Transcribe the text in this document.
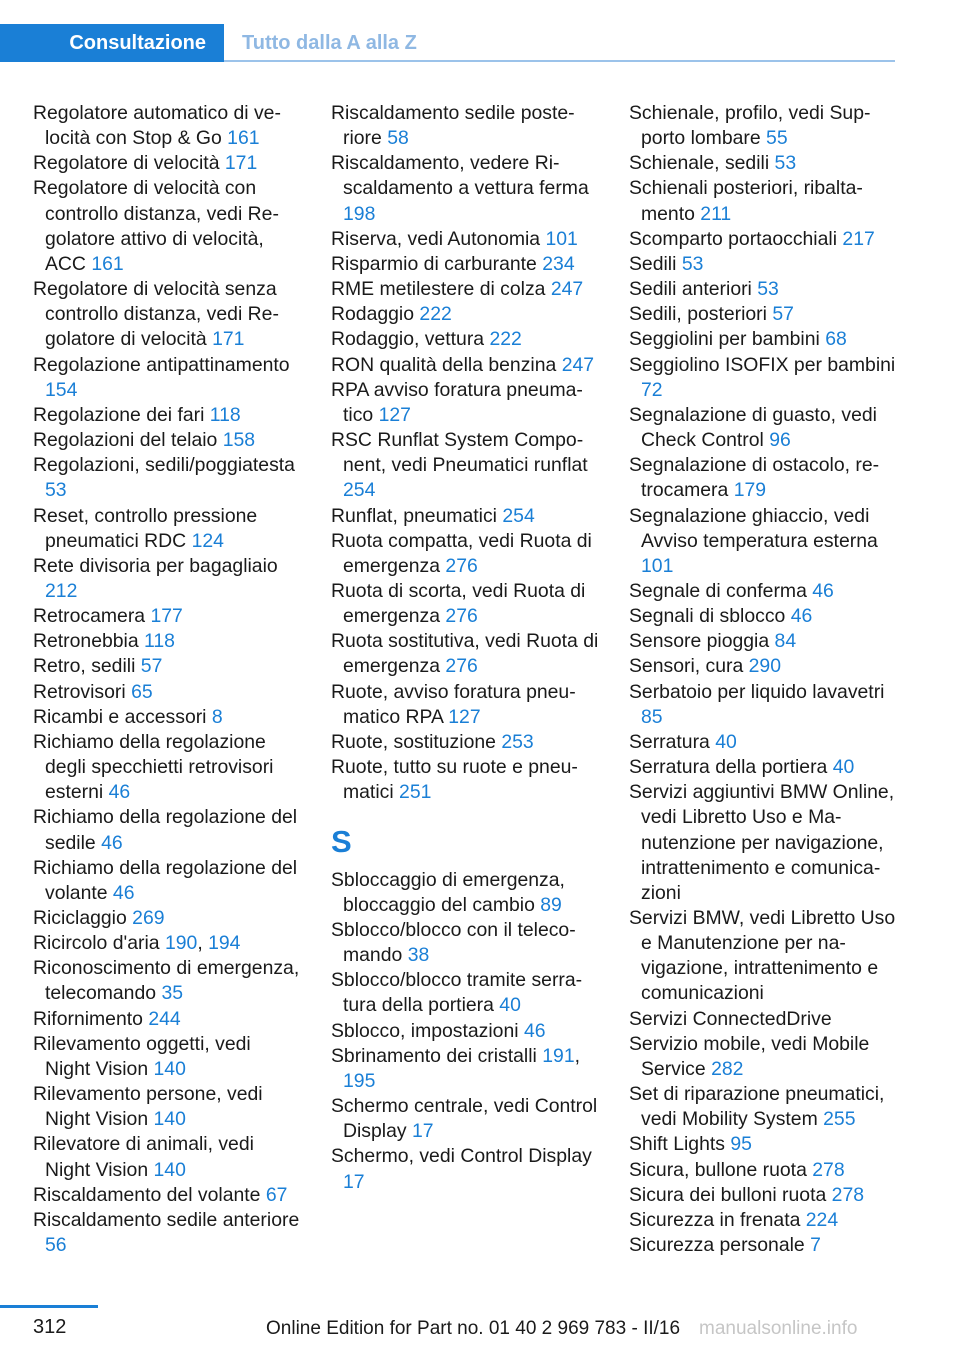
Consultazione	Tutto dalla A alla Z
Regolatore automatico di velocità con Stop & Go 161
Regolatore di velocità 171
Regolatore di velocità con controllo distanza, vedi Regolatore attivo di velocità, ACC 161
Regolatore di velocità senza controllo distanza, vedi Regolatore di velocità 171
Regolazione antipattinamento 154
Regolazione dei fari 118
Regolazioni del telaio 158
Regolazioni, sedili/poggiatesta 53
Reset, controllo pressione pneumatici RDC 124
Rete divisoria per bagagliaio 212
Retrocamera 177
Retronebbia 118
Retro, sedili 57
Retrovisori 65
Ricambi e accessori 8
Richiamo della regolazione degli specchietti retrovisori esterni 46
Richiamo della regolazione del sedile 46
Richiamo della regolazione del volante 46
Riciclaggio 269
Ricircolo d'aria 190, 194
Riconoscimento di emergenza, telecomando 35
Rifornimento 244
Rilevamento oggetti, vedi Night Vision 140
Rilevamento persone, vedi Night Vision 140
Rilevatore di animali, vedi Night Vision 140
Riscaldamento del volante 67
Riscaldamento sedile anteriore 56
Riscaldamento sedile posteriore 58
Riscaldamento, vedere Riscaldamento a vettura ferma 198
Riserva, vedi Autonomia 101
Risparmio di carburante 234
RME metilestere di colza 247
Rodaggio 222
Rodaggio, vettura 222
RON qualità della benzina 247
RPA avviso foratura pneumatico 127
RSC Runflat System Component, vedi Pneumatici runflat 254
Runflat, pneumatici 254
Ruota compatta, vedi Ruota di emergenza 276
Ruota di scorta, vedi Ruota di emergenza 276
Ruota sostitutiva, vedi Ruota di emergenza 276
Ruote, avviso foratura pneumatico RPA 127
Ruote, sostituzione 253
Ruote, tutto su ruote e pneumatici 251
S
Sbloccaggio di emergenza, bloccaggio del cambio 89
Sblocco/blocco con il telecomando 38
Sblocco/blocco tramite serratura della portiera 40
Sblocco, impostazioni 46
Sbrinamento dei cristalli 191, 195
Schermo centrale, vedi Control Display 17
Schermo, vedi Control Display 17
Schienale, profilo, vedi Supporto lombare 55
Schienale, sedili 53
Schienali posteriori, ribaltamento 211
Scomparto portaocchiali 217
Sedili 53
Sedili anteriori 53
Sedili, posteriori 57
Seggiolini per bambini 68
Seggiolino ISOFIX per bambini 72
Segnalazione di guasto, vedi Check Control 96
Segnalazione di ostacolo, retrocamera 179
Segnalazione ghiaccio, vedi Avviso temperatura esterna 101
Segnale di conferma 46
Segnali di sblocco 46
Sensore pioggia 84
Sensori, cura 290
Serbatoio per liquido lavavetri 85
Serratura 40
Serratura della portiera 40
Servizi aggiuntivi BMW Online, vedi Libretto Uso e Manutenzione per navigazione, intrattenimento e comunicazioni
Servizi BMW, vedi Libretto Uso e Manutenzione per navigazione, intrattenimento e comunicazioni
Servizi ConnectedDrive
Servizio mobile, vedi Mobile Service 282
Set di riparazione pneumatici, vedi Mobility System 255
Shift Lights 95
Sicura, bullone ruota 278
Sicura dei bulloni ruota 278
Sicurezza in frenata 224
Sicurezza personale 7
312	Online Edition for Part no. 01 40 2 969 783 - II/16 manualsonline.info
